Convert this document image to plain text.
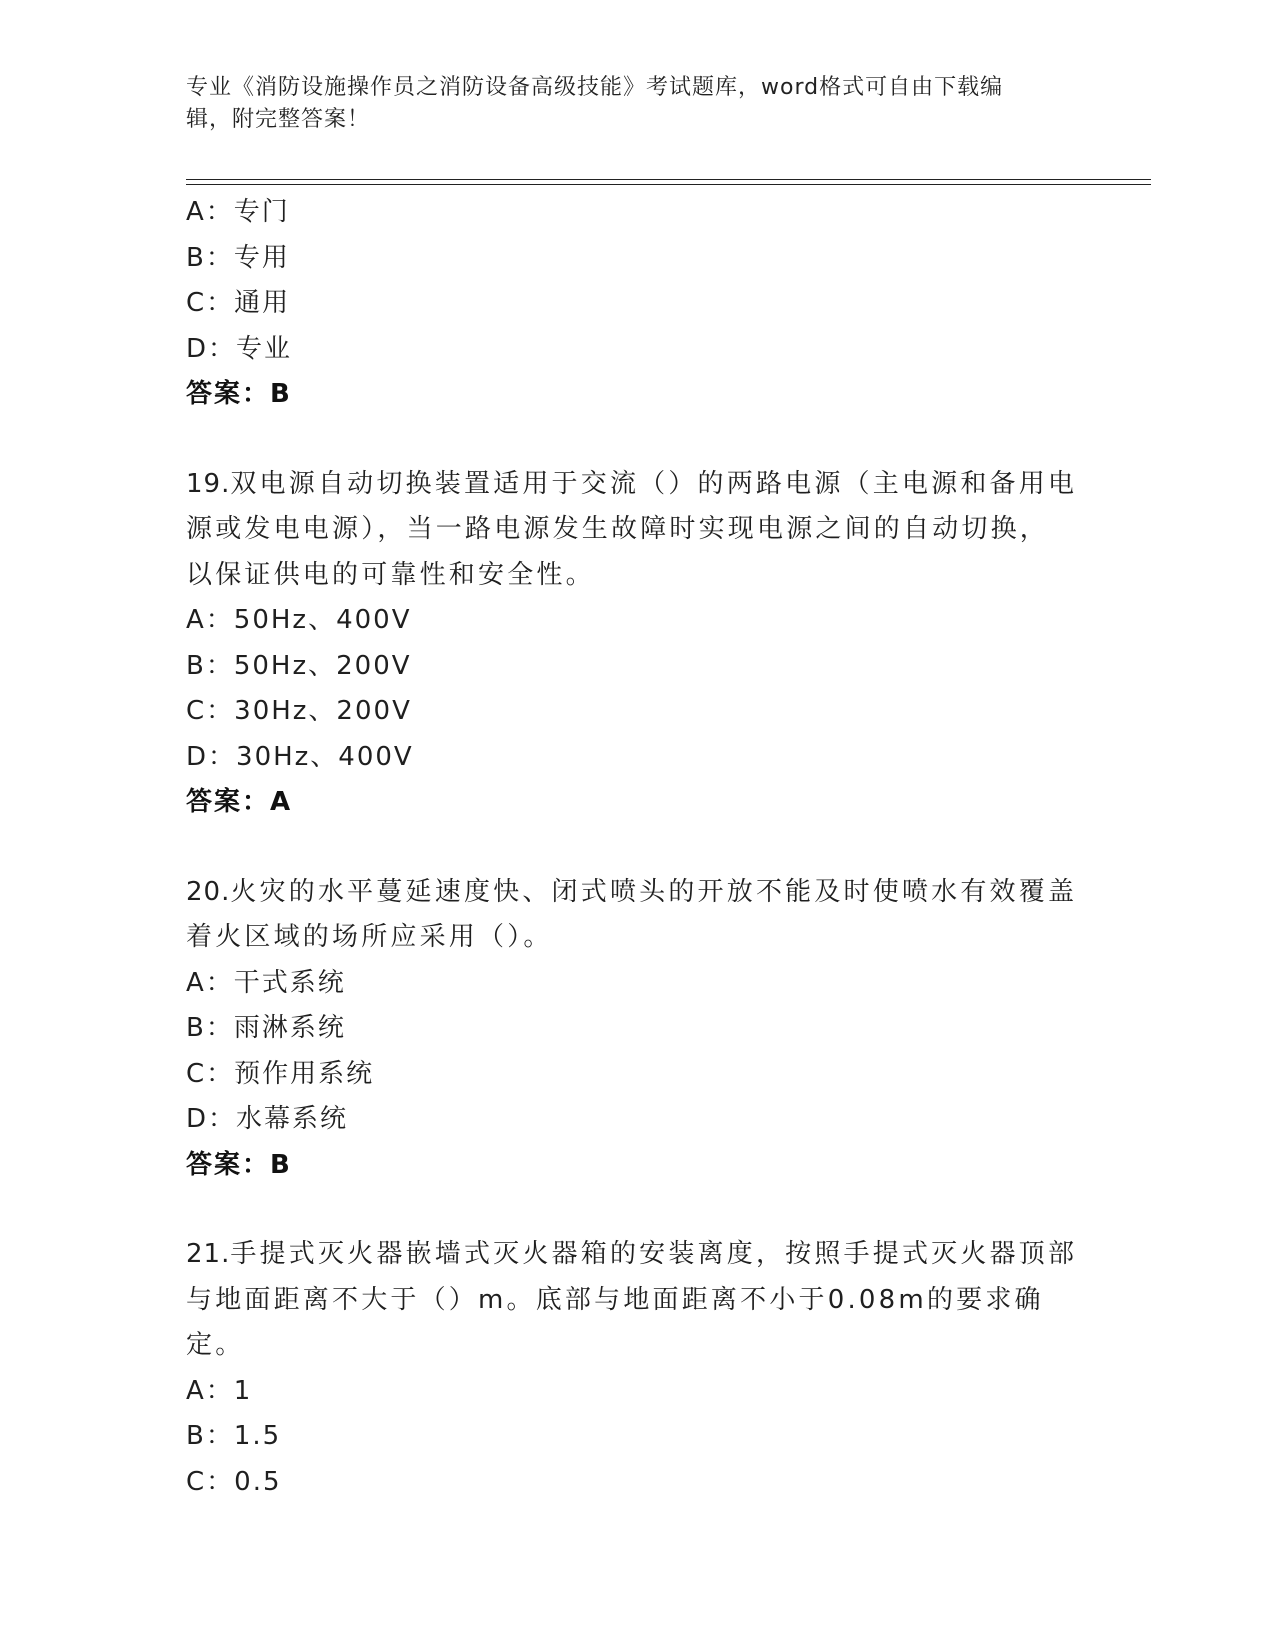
专业《消防设施操作员之消防设备高级技能》考试题库，word格式可自由下载编
辑，附完整答案！

A：专门
B：专用
C：通用
D：专业
答案：B

19.双电源自动切换装置适用于交流（）的两路电源（主电源和备用电
源或发电电源），当一路电源发生故障时实现电源之间的自动切换，
以保证供电的可靠性和安全性。

A：50Hz、400V
B：50Hz、200V
C：30Hz、200V
D：30Hz、400V
答案：A

20.火灾的水平蔓延速度快、闭式喷头的开放不能及时使喷水有效覆盖
着火区域的场所应采用（）。

A：干式系统
B：雨淋系统
C：预作用系统
D：水幕系统
答案：B

21.手提式灭火器嵌墙式灭火器箱的安装离度，按照手提式灭火器顶部
与地面距离不大于（）m。底部与地面距离不小于0.08m的要求确定。

A：1
B：1.5
C：0.5
